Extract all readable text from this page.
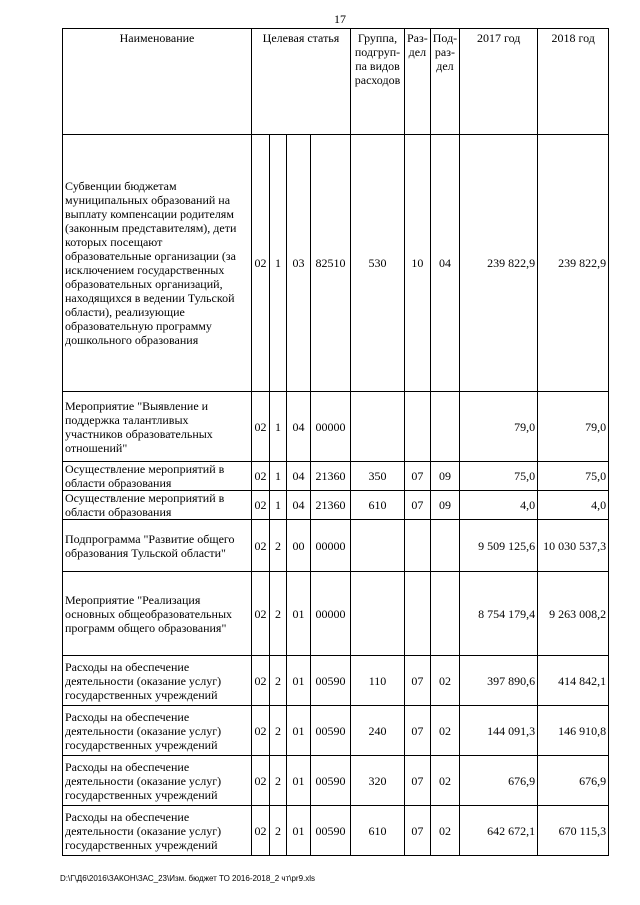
17
Наименование	Целевая статья				Группа, подгруп-па видов расходов	Раз-дел	Под-раз-дел	2017 год	2018 год
Субвенции бюджетам муниципальных образований на выплату компенсации родителям (законным представителям), дети которых посещают образовательные организации (за исключением государственных образовательных организаций, находящихся в ведении Тульской области), реализующие образовательную программу дошкольного образования	02	1	03	82510	530	10	04	239 822,9	239 822,9
Мероприятие "Выявление и поддержка талантливых участников образовательных отношений"	02	1	04	00000				79,0	79,0
Осуществление мероприятий в области образования	02	1	04	21360	350	07	09	75,0	75,0
Осуществление мероприятий в области образования	02	1	04	21360	610	07	09	4,0	4,0
Подпрограмма "Развитие общего образования Тульской области"	02	2	00	00000				9 509 125,6	10 030 537,3
Мероприятие "Реализация основных общеобразовательных программ общего образования"	02	2	01	00000				8 754 179,4	9 263 008,2
Расходы на обеспечение деятельности (оказание услуг) государственных учреждений	02	2	01	00590	110	07	02	397 890,6	414 842,1
Расходы на обеспечение деятельности (оказание услуг) государственных учреждений	02	2	01	00590	240	07	02	144 091,3	146 910,8
Расходы на обеспечение деятельности (оказание услуг) государственных учреждений	02	2	01	00590	320	07	02	676,9	676,9
Расходы на обеспечение деятельности (оказание услуг) государственных учреждений	02	2	01	00590	610	07	02	642 672,1	670 115,3
D:\Г\Д6\2016\ЗАКОН\ЗАС_23\Изм. бюджет ТО 2016-2018_2 чт\pr9.xls
